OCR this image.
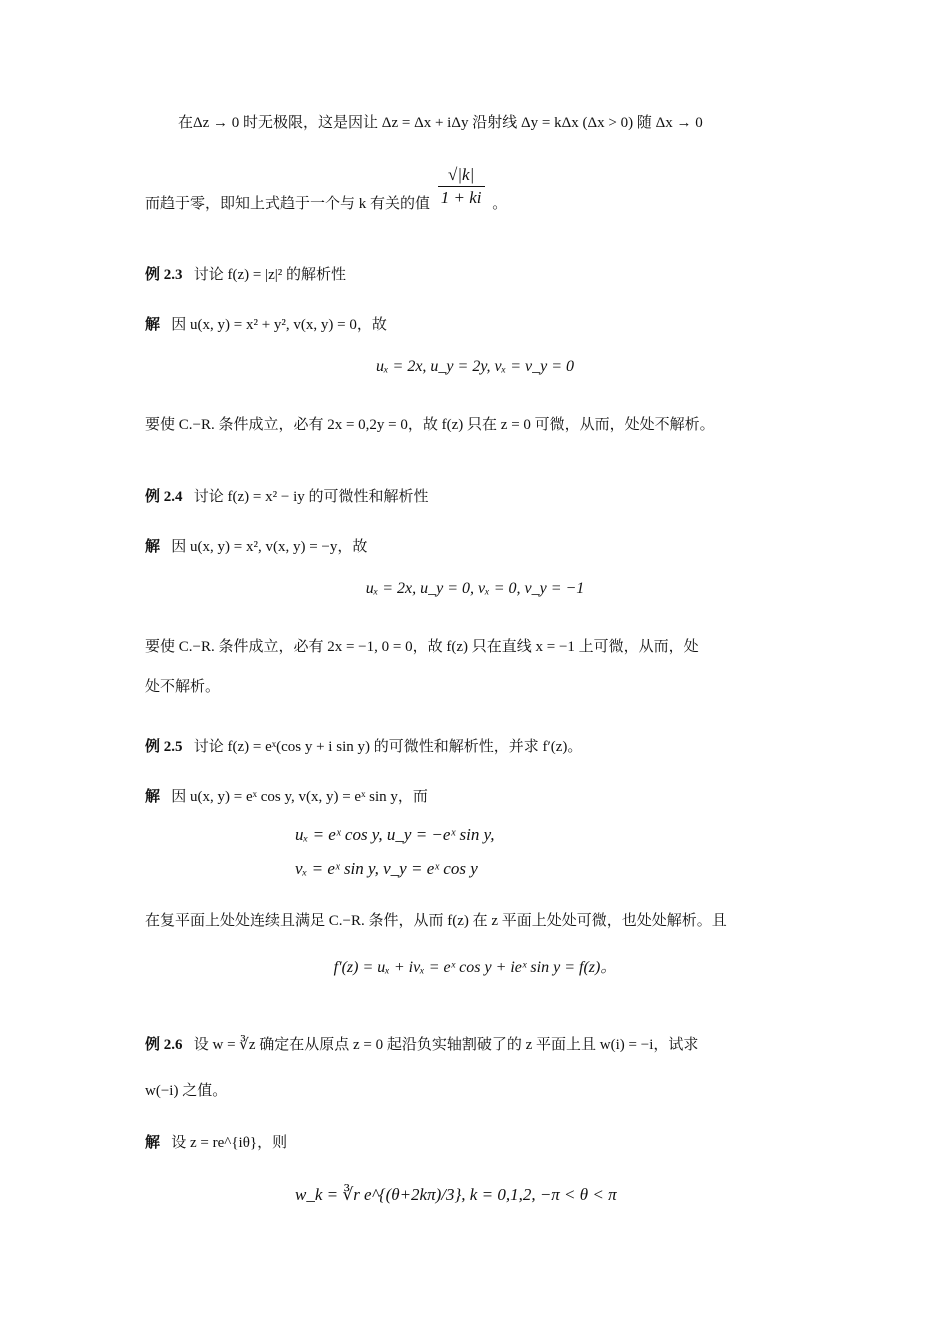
在Δz → 0 时无极限，这是因让 Δz = Δx + iΔy 沿射线 Δy = kΔx (Δx > 0) 随 Δx → 0
而趋于零，即知上式趋于一个与 k 有关的值 $\frac{√|k|}{1 + ki}$ 。
例 2.3 讨论 f(z) = |z|² 的解析性
解 因 u(x, y) = x² + y², v(x, y) = 0，故
uₓ = 2x, u_y = 2y, vₓ = v_y = 0
要使 C.−R. 条件成立，必有 2x = 0,2y = 0，故 f(z) 只在 z = 0 可微，从而，处处不解析。
例 2.4 讨论 f(z) = x² − iy 的可微性和解析性
解 因 u(x, y) = x², v(x, y) = −y，故
uₓ = 2x, u_y = 0, vₓ = 0, v_y = −1
要使 C.−R. 条件成立，必有 2x = −1, 0 = 0，故 f(z) 只在直线 x = −1 上可微，从而，处
处不解析。
例 2.5 讨论 f(z) = eˣ(cos y + i sin y) 的可微性和解析性，并求 f′(z)。
解 因 u(x, y) = eˣ cos y, v(x, y) = eˣ sin y，而
uₓ = eˣ cos y, u_y = −eˣ sin y,
vₓ = eˣ sin y, v_y = eˣ cos y
在复平面上处处连续且满足 C.−R. 条件，从而 f(z) 在 z 平面上处处可微，也处处解析。且
f′(z) = uₓ + ivₓ = eˣ cos y + ieˣ sin y = f(z)。
例 2.6 设 w = ∛z 确定在从原点 z = 0 起沿负实轴割破了的 z 平面上且 w(i) = −i，试求
w(−i) 之值。
解 设 z = re^{iθ}，则
w_k = ∛r e^{(θ+2kπ)/3}, k = 0,1,2, −π < θ < π
